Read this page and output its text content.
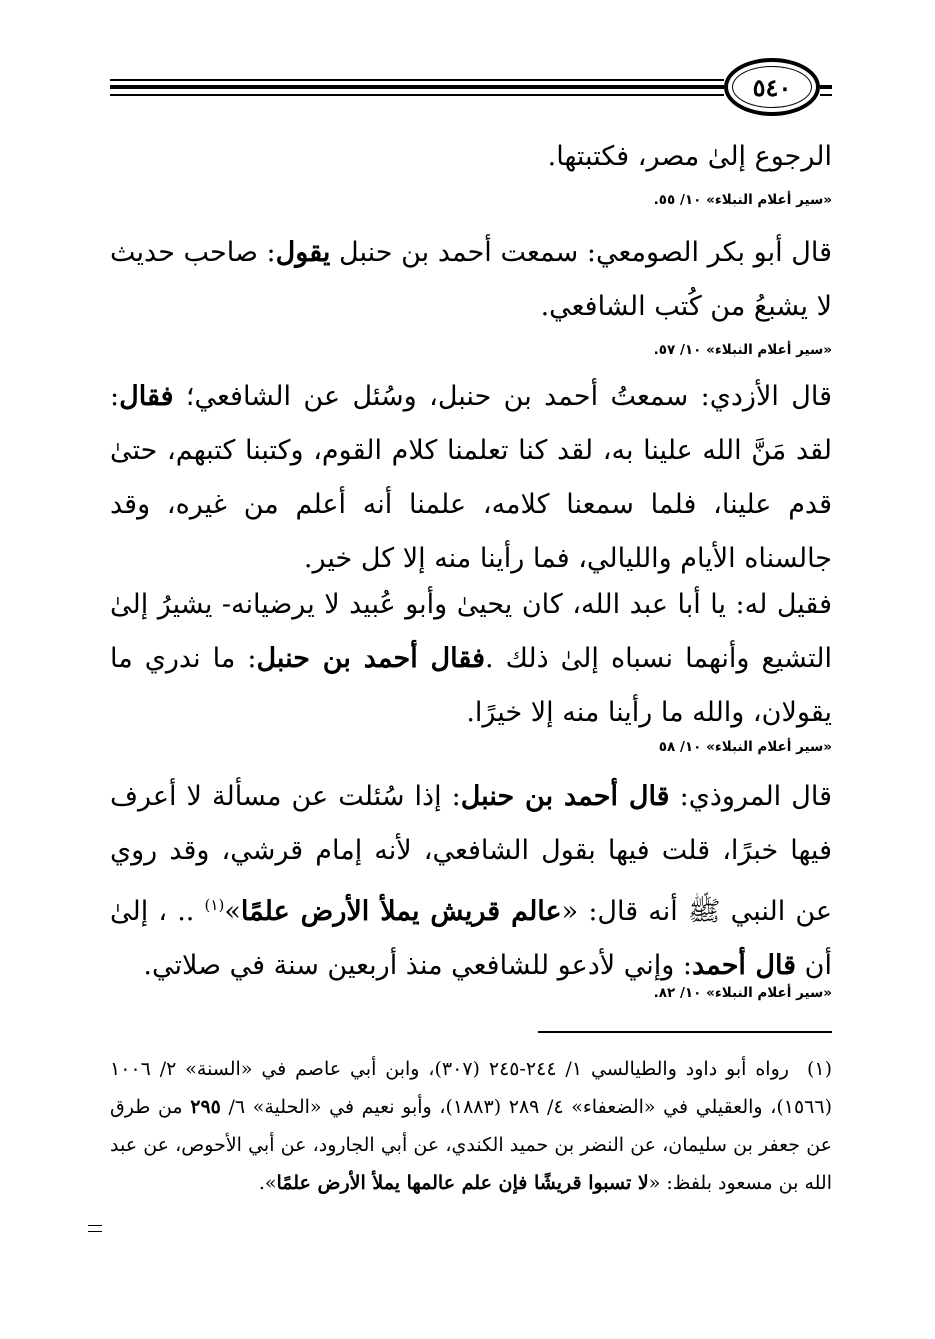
٥٤٠
الرجوع إلىٰ مصر، فكتبتها.
«سير أعلام النبلاء» ١٠/ ٥٥.
قال أبو بكر الصومعي: سمعت أحمد بن حنبل يقول: صاحب حديث لا يشبعُ من كُتب الشافعي.
«سير أعلام النبلاء» ١٠/ ٥٧.
قال الأزدي: سمعتُ أحمد بن حنبل، وسُئل عن الشافعي؛ فقال: لقد مَنَّ الله علينا به، لقد كنا تعلمنا كلام القوم، وكتبنا كتبهم، حتىٰ قدم علينا، فلما سمعنا كلامه، علمنا أنه أعلم من غيره، وقد جالسناه الأيام والليالي، فما رأينا منه إلا كل خير.
فقيل له: يا أبا عبد الله، كان يحيىٰ وأبو عُبيد لا يرضيانه- يشيرُ إلىٰ التشيع وأنهما نسباه إلىٰ ذلك .فقال أحمد بن حنبل: ما ندري ما يقولان، والله ما رأينا منه إلا خيرًا.
«سير أعلام النبلاء» ١٠/ ٥٨
قال المروذي: قال أحمد بن حنبل: إذا سُئلت عن مسألة لا أعرف فيها خبرًا، قلت فيها بقول الشافعي، لأنه إمام قرشي، وقد روي عن النبي ﷺ أنه قال: «عالم قريش يملأ الأرض علمًا»$^{(١)}$ .. ، إلىٰ أن قال أحمد: وإني لأدعو للشافعي منذ أربعين سنة في صلاتي.
«سير أعلام النبلاء» ١٠/ ٨٢.
(١)رواه أبو داود والطيالسي ١/ ٢٤٤-٢٤٥ (٣٠٧)، وابن أبي عاصم في «السنة» ٢/ ١٠٠٦ (١٥٦٦)، والعقيلي في «الضعفاء» ٤/ ٢٨٩ (١٨٨٣)، وأبو نعيم في «الحلية» ٦/ ٢٩٥ من طرق عن جعفر بن سليمان، عن النضر بن حميد الكندي، عن أبي الجارود، عن أبي الأحوص، عن عبد الله بن مسعود بلفظ: «لا تسبوا قريشًا فإن علم عالمها يملأ الأرض علمًا».
